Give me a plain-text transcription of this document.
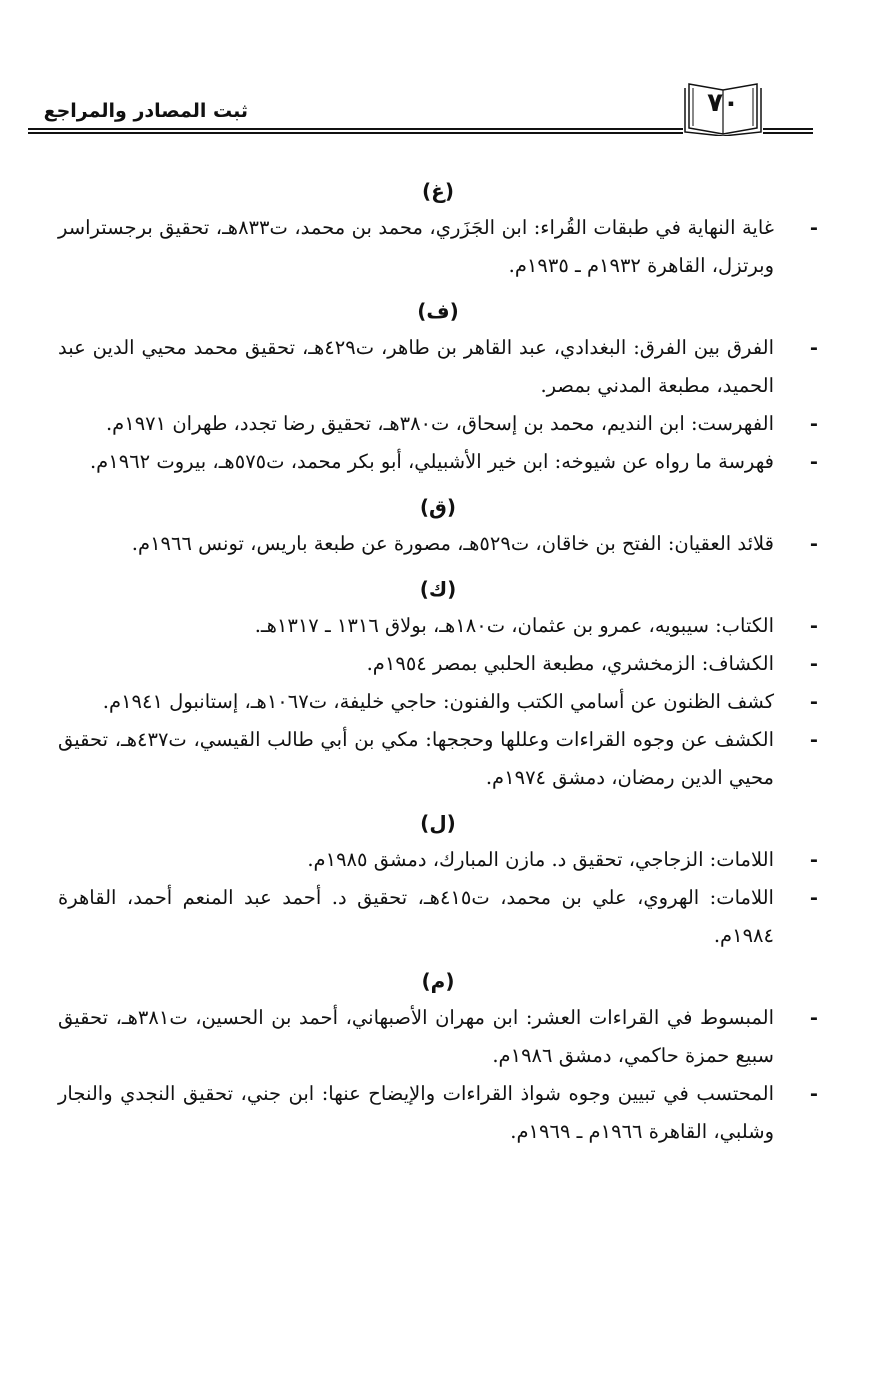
ثبت المصادر والمراجع	٧٠
(غ)
-
غاية النهاية في طبقات القُراء: ابن الجَزَري، محمد بن محمد، ت٨٣٣هـ، تحقيق برجستراسر وبرتزل، القاهرة ١٩٣٢م ـ ١٩٣٥م.
(ف)
-
الفرق بين الفرق: البغدادي، عبد القاهر بن طاهر، ت٤٢٩هـ، تحقيق محمد محيي الدين عبد الحميد، مطبعة المدني بمصر.
-
الفهرست: ابن النديم، محمد بن إسحاق، ت٣٨٠هـ، تحقيق رضا تجدد، طهران ١٩٧١م.
-
فهرسة ما رواه عن شيوخه: ابن خير الأشبيلي، أبو بكر محمد، ت٥٧٥هـ، بيروت ١٩٦٢م.
(ق)
-
قلائد العقيان: الفتح بن خاقان، ت٥٢٩هـ، مصورة عن طبعة باريس، تونس ١٩٦٦م.
(ك)
-
الكتاب: سيبويه، عمرو بن عثمان، ت١٨٠هـ، بولاق ١٣١٦ ـ ١٣١٧هـ.
-
الكشاف: الزمخشري، مطبعة الحلبي بمصر ١٩٥٤م.
-
كشف الظنون عن أسامي الكتب والفنون: حاجي خليفة، ت١٠٦٧هـ، إستانبول ١٩٤١م.
-
الكشف عن وجوه القراءات وعللها وحججها: مكي بن أبي طالب القيسي، ت٤٣٧هـ، تحقيق محيي الدين رمضان، دمشق ١٩٧٤م.
(ل)
-
اللامات: الزجاجي، تحقيق د. مازن المبارك، دمشق ١٩٨٥م.
-
اللامات: الهروي، علي بن محمد، ت٤١٥هـ، تحقيق د. أحمد عبد المنعم أحمد، القاهرة ١٩٨٤م.
(م)
-
المبسوط في القراءات العشر: ابن مهران الأصبهاني، أحمد بن الحسين، ت٣٨١هـ، تحقيق سبيع حمزة حاكمي، دمشق ١٩٨٦م.
-
المحتسب في تبيين وجوه شواذ القراءات والإيضاح عنها: ابن جني، تحقيق النجدي والنجار وشلبي، القاهرة ١٩٦٦م ـ ١٩٦٩م.
